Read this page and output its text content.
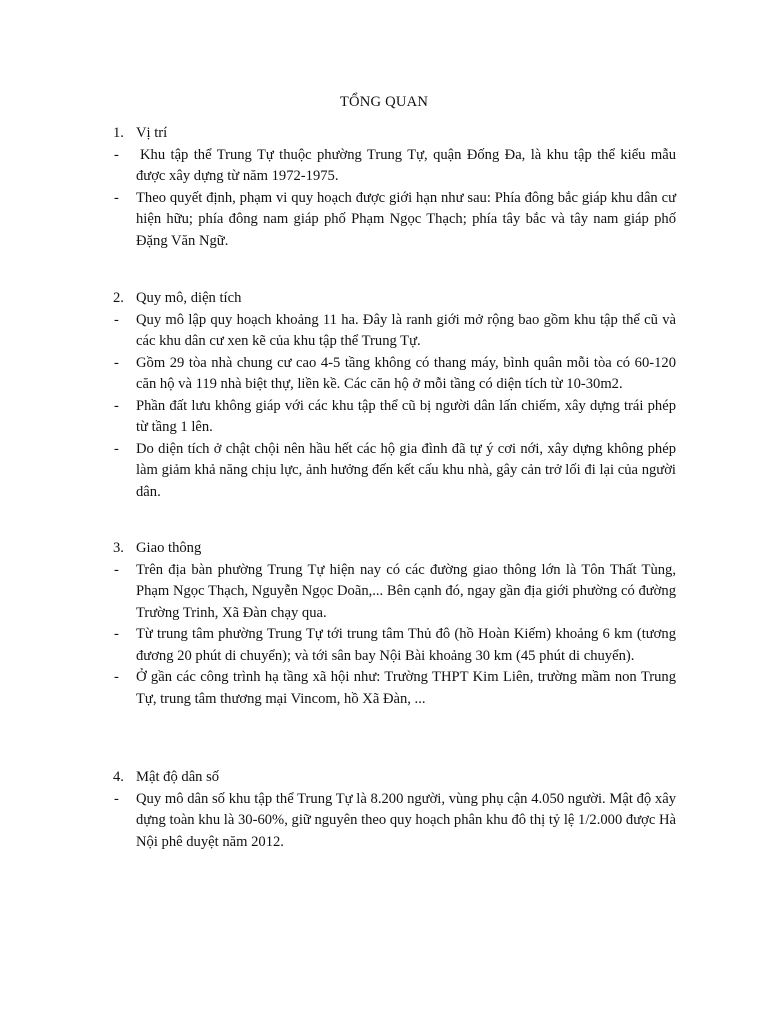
TỔNG QUAN
1. Vị trí
- Khu tập thể Trung Tự thuộc phường Trung Tự, quận Đống Đa, là khu tập thể kiểu mẫu được xây dựng từ năm 1972-1975.
- Theo quyết định, phạm vi quy hoạch được giới hạn như sau: Phía đông bắc giáp khu dân cư hiện hữu; phía đông nam giáp phố Phạm Ngọc Thạch; phía tây bắc và tây nam giáp phố Đặng Văn Ngữ.
2. Quy mô, diện tích
- Quy mô lập quy hoạch khoảng 11 ha. Đây là ranh giới mở rộng bao gồm khu tập thể cũ và các khu dân cư xen kẽ của khu tập thể Trung Tự.
- Gồm 29 tòa nhà chung cư cao 4-5 tầng không có thang máy, bình quân mỗi tòa có 60-120 căn hộ và 119 nhà biệt thự, liền kề. Các căn hộ ở mỗi tầng có diện tích từ 10-30m2.
- Phần đất lưu không giáp với các khu tập thể cũ bị người dân lấn chiếm, xây dựng trái phép từ tầng 1 lên.
- Do diện tích ở chật chội nên hầu hết các hộ gia đình đã tự ý cơi nới, xây dựng không phép làm giảm khả năng chịu lực, ảnh hưởng đến kết cấu khu nhà, gây cản trở lối đi lại của người dân.
3. Giao thông
- Trên địa bàn phường Trung Tự hiện nay có các đường giao thông lớn là Tôn Thất Tùng, Phạm Ngọc Thạch, Nguyễn Ngọc Doãn,... Bên cạnh đó, ngay gần địa giới phường có đường Trường Trinh, Xã Đàn chạy qua.
- Từ trung tâm phường Trung Tự tới trung tâm Thủ đô (hồ Hoàn Kiếm) khoảng 6 km (tương đương 20 phút di chuyển); và tới sân bay Nội Bài khoảng 30 km (45 phút di chuyển).
- Ở gần các công trình hạ tầng xã hội như: Trường THPT Kim Liên, trường mầm non Trung Tự, trung tâm thương mại Vincom, hồ Xã Đàn, ...
4. Mật độ dân số
- Quy mô dân số khu tập thể Trung Tự là 8.200 người, vùng phụ cận 4.050 người. Mật độ xây dựng toàn khu là 30-60%, giữ nguyên theo quy hoạch phân khu đô thị tỷ lệ 1/2.000 được Hà Nội phê duyệt năm 2012.
